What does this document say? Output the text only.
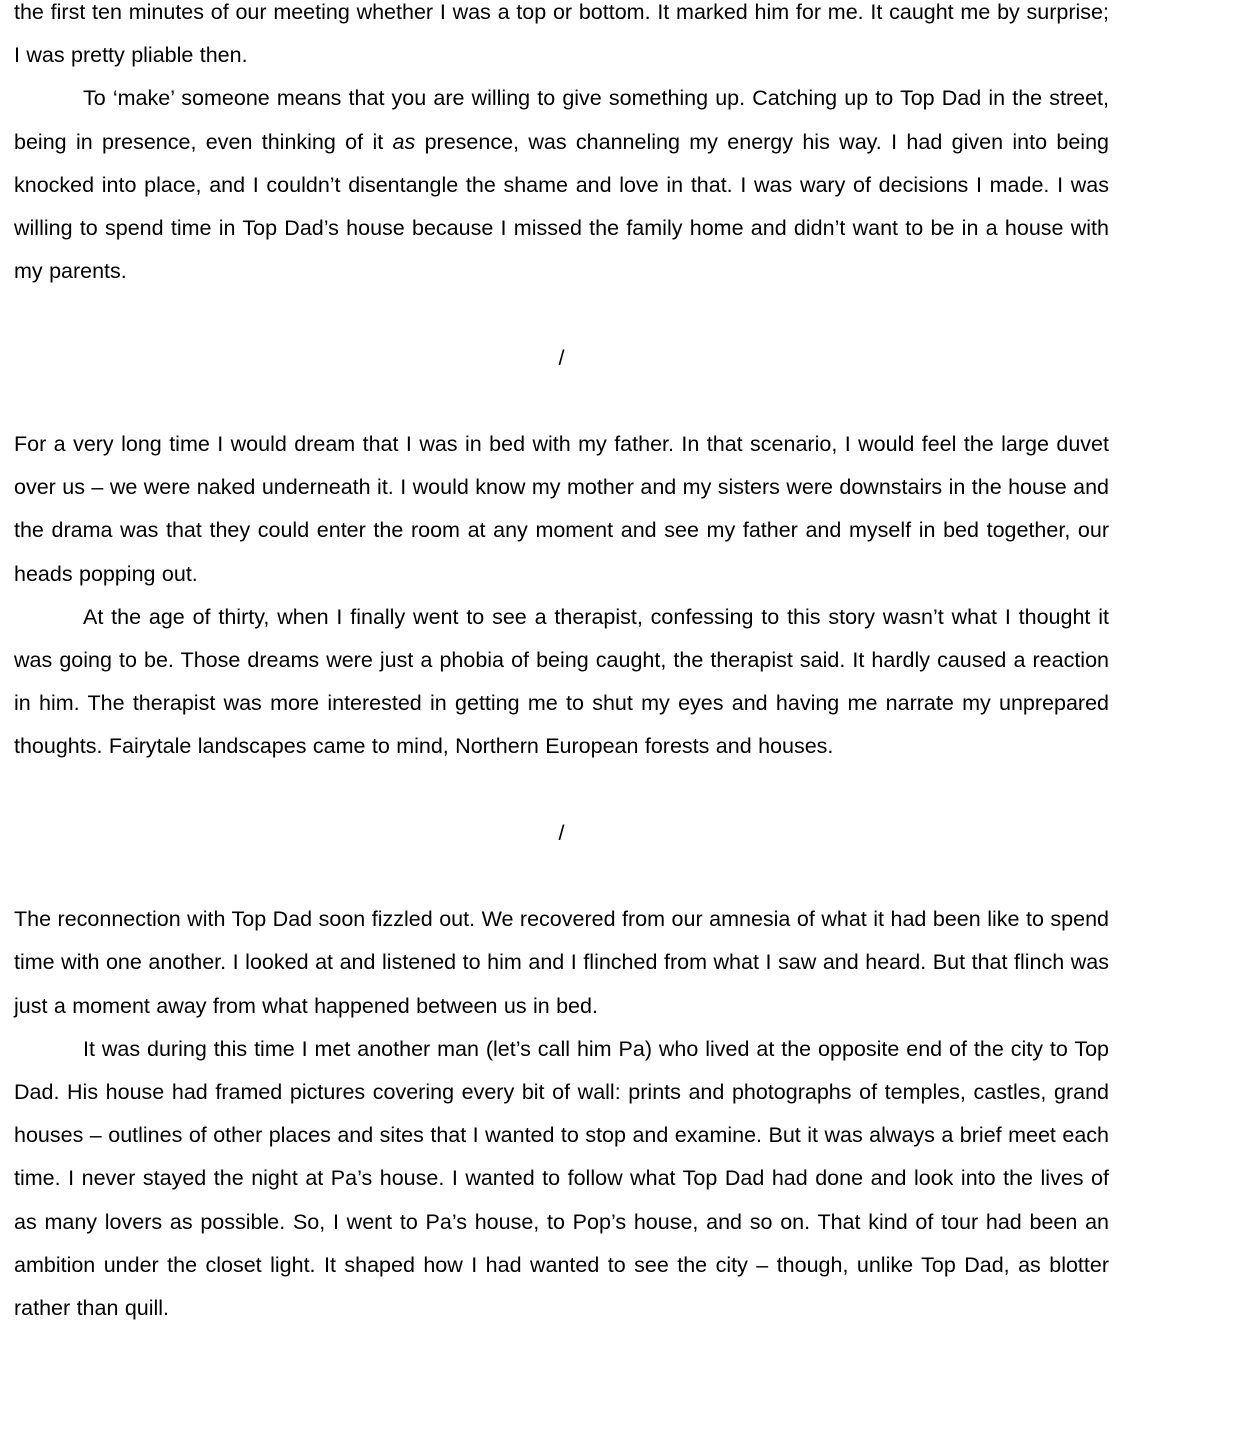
the first ten minutes of our meeting whether I was a top or bottom. It marked him for me. It caught me by surprise; I was pretty pliable then.

To ‘make’ someone means that you are willing to give something up. Catching up to Top Dad in the street, being in presence, even thinking of it as presence, was channeling my energy his way. I had given into being knocked into place, and I couldn’t disentangle the shame and love in that. I was wary of decisions I made. I was willing to spend time in Top Dad’s house because I missed the family home and didn’t want to be in a house with my parents.

/

For a very long time I would dream that I was in bed with my father. In that scenario, I would feel the large duvet over us – we were naked underneath it. I would know my mother and my sisters were downstairs in the house and the drama was that they could enter the room at any moment and see my father and myself in bed together, our heads popping out.

At the age of thirty, when I finally went to see a therapist, confessing to this story wasn’t what I thought it was going to be. Those dreams were just a phobia of being caught, the therapist said. It hardly caused a reaction in him. The therapist was more interested in getting me to shut my eyes and having me narrate my unprepared thoughts. Fairytale landscapes came to mind, Northern European forests and houses.

/

The reconnection with Top Dad soon fizzled out. We recovered from our amnesia of what it had been like to spend time with one another. I looked at and listened to him and I flinched from what I saw and heard. But that flinch was just a moment away from what happened between us in bed.

It was during this time I met another man (let’s call him Pa) who lived at the opposite end of the city to Top Dad. His house had framed pictures covering every bit of wall: prints and photographs of temples, castles, grand houses – outlines of other places and sites that I wanted to stop and examine. But it was always a brief meet each time. I never stayed the night at Pa’s house. I wanted to follow what Top Dad had done and look into the lives of as many lovers as possible. So, I went to Pa’s house, to Pop’s house, and so on. That kind of tour had been an ambition under the closet light. It shaped how I had wanted to see the city – though, unlike Top Dad, as blotter rather than quill.
